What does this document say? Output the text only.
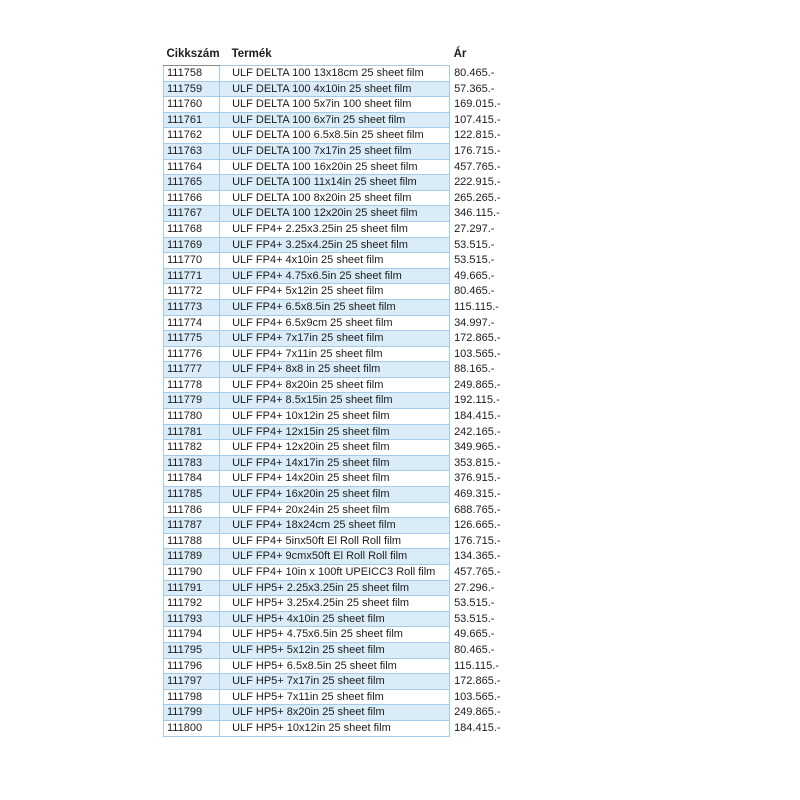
Cikkszám	Termék	Ár
111758	ULF DELTA 100 13x18cm 25 sheet film	80.465.-
111759	ULF DELTA 100 4x10in 25 sheet film	57.365.-
111760	ULF DELTA 100 5x7in 100 sheet film	169.015.-
111761	ULF DELTA 100 6x7in 25 sheet film	107.415.-
111762	ULF DELTA 100 6.5x8.5in 25 sheet film	122.815.-
111763	ULF DELTA 100 7x17in 25 sheet film	176.715.-
111764	ULF DELTA 100 16x20in 25 sheet film	457.765.-
111765	ULF DELTA 100 11x14in 25 sheet film	222.915.-
111766	ULF DELTA 100 8x20in 25 sheet film	265.265.-
111767	ULF DELTA 100 12x20in 25 sheet film	346.115.-
111768	ULF FP4+ 2.25x3.25in 25 sheet film	27.297.-
111769	ULF FP4+ 3.25x4.25in 25 sheet film	53.515.-
111770	ULF FP4+ 4x10in 25 sheet film	53.515.-
111771	ULF FP4+ 4.75x6.5in 25 sheet film	49.665.-
111772	ULF FP4+ 5x12in 25 sheet film	80.465.-
111773	ULF FP4+ 6.5x8.5in 25 sheet film	115.115.-
111774	ULF FP4+ 6.5x9cm 25 sheet film	34.997.-
111775	ULF FP4+ 7x17in 25 sheet film	172.865.-
111776	ULF FP4+ 7x11in 25 sheet film	103.565.-
111777	ULF FP4+ 8x8 in 25 sheet film	88.165.-
111778	ULF FP4+ 8x20in 25 sheet film	249.865.-
111779	ULF FP4+ 8.5x15in 25 sheet film	192.115.-
111780	ULF FP4+ 10x12in 25 sheet film	184.415.-
111781	ULF FP4+ 12x15in 25 sheet film	242.165.-
111782	ULF FP4+ 12x20in 25 sheet film	349.965.-
111783	ULF FP4+ 14x17in 25 sheet film	353.815.-
111784	ULF FP4+ 14x20in 25 sheet film	376.915.-
111785	ULF FP4+ 16x20in 25 sheet film	469.315.-
111786	ULF FP4+ 20x24in 25 sheet film	688.765.-
111787	ULF FP4+ 18x24cm 25 sheet film	126.665.-
111788	ULF FP4+ 5inx50ft El Roll Roll film	176.715.-
111789	ULF FP4+ 9cmx50ft El Roll Roll film	134.365.-
111790	ULF FP4+ 10in x 100ft UPEICC3 Roll film	457.765.-
111791	ULF HP5+ 2.25x3.25in 25 sheet film	27.296.-
111792	ULF HP5+ 3.25x4.25in 25 sheet film	53.515.-
111793	ULF HP5+ 4x10in 25 sheet film	53.515.-
111794	ULF HP5+ 4.75x6.5in 25 sheet film	49.665.-
111795	ULF HP5+ 5x12in 25 sheet film	80.465.-
111796	ULF HP5+ 6.5x8.5in 25 sheet film	115.115.-
111797	ULF HP5+ 7x17in 25 sheet film	172.865.-
111798	ULF HP5+ 7x11in 25 sheet film	103.565.-
111799	ULF HP5+ 8x20in 25 sheet film	249.865.-
111800	ULF HP5+ 10x12in 25 sheet film	184.415.-
